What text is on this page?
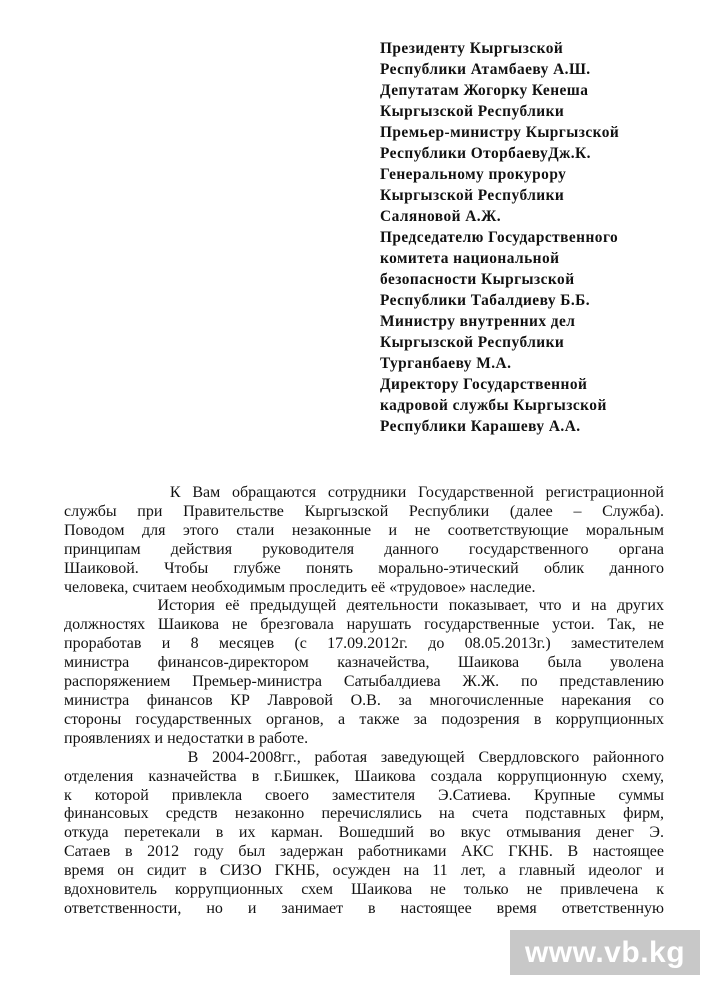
Президенту Кыргызской
Республики Атамбаеву А.Ш.
Депутатам Жогорку Кенеша
Кыргызской Республики
Премьер-министру Кыргызской
Республики ОторбаевуДж.К.
Генеральному прокурору
Кыргызской Республики
Саляновой А.Ж.
Председателю Государственного
комитета национальной
безопасности Кыргызской
Республики Табалдиеву Б.Б.
Министру внутренних дел
Кыргызской Республики
Турганбаеву М.А.
Директору Государственной
кадровой службы Кыргызской
Республики Карашеву А.А.
К Вам обращаются сотрудники Государственной регистрационной
службы при Правительстве Кыргызской Республики (далее – Служба).
Поводом для этого стали незаконные и не соответствующие моральным
принципам действия руководителя данного государственного органа
Шаиковой. Чтобы глубже понять морально-этический облик данного
человека, считаем необходимым проследить её «трудовое» наследие.
История её предыдущей деятельности показывает, что и на других
должностях Шаикова не брезговала нарушать государственные устои. Так, не
проработав и 8 месяцев (с 17.09.2012г. до 08.05.2013г.) заместителем
министра финансов-директором казначейства, Шаикова была уволена
распоряжением Премьер-министра Сатыбалдиева Ж.Ж. по представлению
министра финансов КР Лавровой О.В. за многочисленные нарекания со
стороны государственных органов, а также за подозрения в коррупционных
проявлениях и недостатки в работе.
В 2004-2008гг., работая заведующей Свердловского районного
отделения казначейства в г.Бишкек, Шаикова создала коррупционную схему,
к которой привлекла своего заместителя Э.Сатиева. Крупные суммы
финансовых средств незаконно перечислялись на счета подставных фирм,
откуда перетекали в их карман. Вошедший во вкус отмывания денег Э.
Сатаев в 2012 году был задержан работниками АКС ГКНБ. В настоящее
время он сидит в СИЗО ГКНБ, осужден на 11 лет, а главный идеолог и
вдохновитель коррупционных схем Шаикова не только не привлечена к
ответственности, но и занимает в настоящее время ответственную
www.vb.kg
